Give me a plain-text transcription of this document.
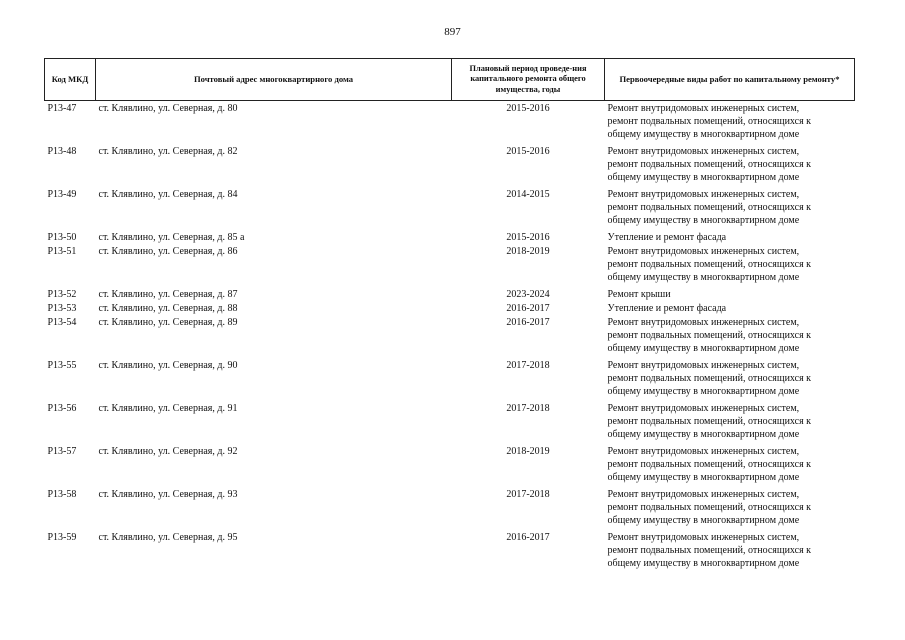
897
Код МКД	Почтовый адрес многоквартирного дома	Плановый период проведе-ния капитального ремонта общего имущества, годы	Первоочередные виды работ по капитальному ремонту*
Р13-47	ст. Клявлино, ул. Северная, д. 80	2015-2016	Ремонт внутридомовых инженерных систем,
ремонт подвальных помещений, относящихся к
общему имуществу в многоквартирном доме

Р13-48	ст. Клявлино, ул. Северная, д. 82	2015-2016	Ремонт внутридомовых инженерных систем,
ремонт подвальных помещений, относящихся к
общему имуществу в многоквартирном доме

Р13-49	ст. Клявлино, ул. Северная, д. 84	2014-2015	Ремонт внутридомовых инженерных систем,
ремонт подвальных помещений, относящихся к
общему имуществу в многоквартирном доме

Р13-50	ст. Клявлино, ул. Северная, д. 85 а	2015-2016	Утепление и ремонт фасада

Р13-51	ст. Клявлино, ул. Северная, д. 86	2018-2019	Ремонт внутридомовых инженерных систем,
ремонт подвальных помещений, относящихся к
общему имуществу в многоквартирном доме

Р13-52	ст. Клявлино, ул. Северная, д. 87	2023-2024	Ремонт крыши

Р13-53	ст. Клявлино, ул. Северная, д. 88	2016-2017	Утепление и ремонт фасада

Р13-54	ст. Клявлино, ул. Северная, д. 89	2016-2017	Ремонт внутридомовых инженерных систем,
ремонт подвальных помещений, относящихся к
общему имуществу в многоквартирном доме

Р13-55	ст. Клявлино, ул. Северная, д. 90	2017-2018	Ремонт внутридомовых инженерных систем,
ремонт подвальных помещений, относящихся к
общему имуществу в многоквартирном доме

Р13-56	ст. Клявлино, ул. Северная, д. 91	2017-2018	Ремонт внутридомовых инженерных систем,
ремонт подвальных помещений, относящихся к
общему имуществу в многоквартирном доме

Р13-57	ст. Клявлино, ул. Северная, д. 92	2018-2019	Ремонт внутридомовых инженерных систем,
ремонт подвальных помещений, относящихся к
общему имуществу в многоквартирном доме

Р13-58	ст. Клявлино, ул. Северная, д. 93	2017-2018	Ремонт внутридомовых инженерных систем,
ремонт подвальных помещений, относящихся к
общему имуществу в многоквартирном доме

Р13-59	ст. Клявлино, ул. Северная, д. 95	2016-2017	Ремонт внутридомовых инженерных систем,
ремонт подвальных помещений, относящихся к
общему имуществу в многоквартирном доме
